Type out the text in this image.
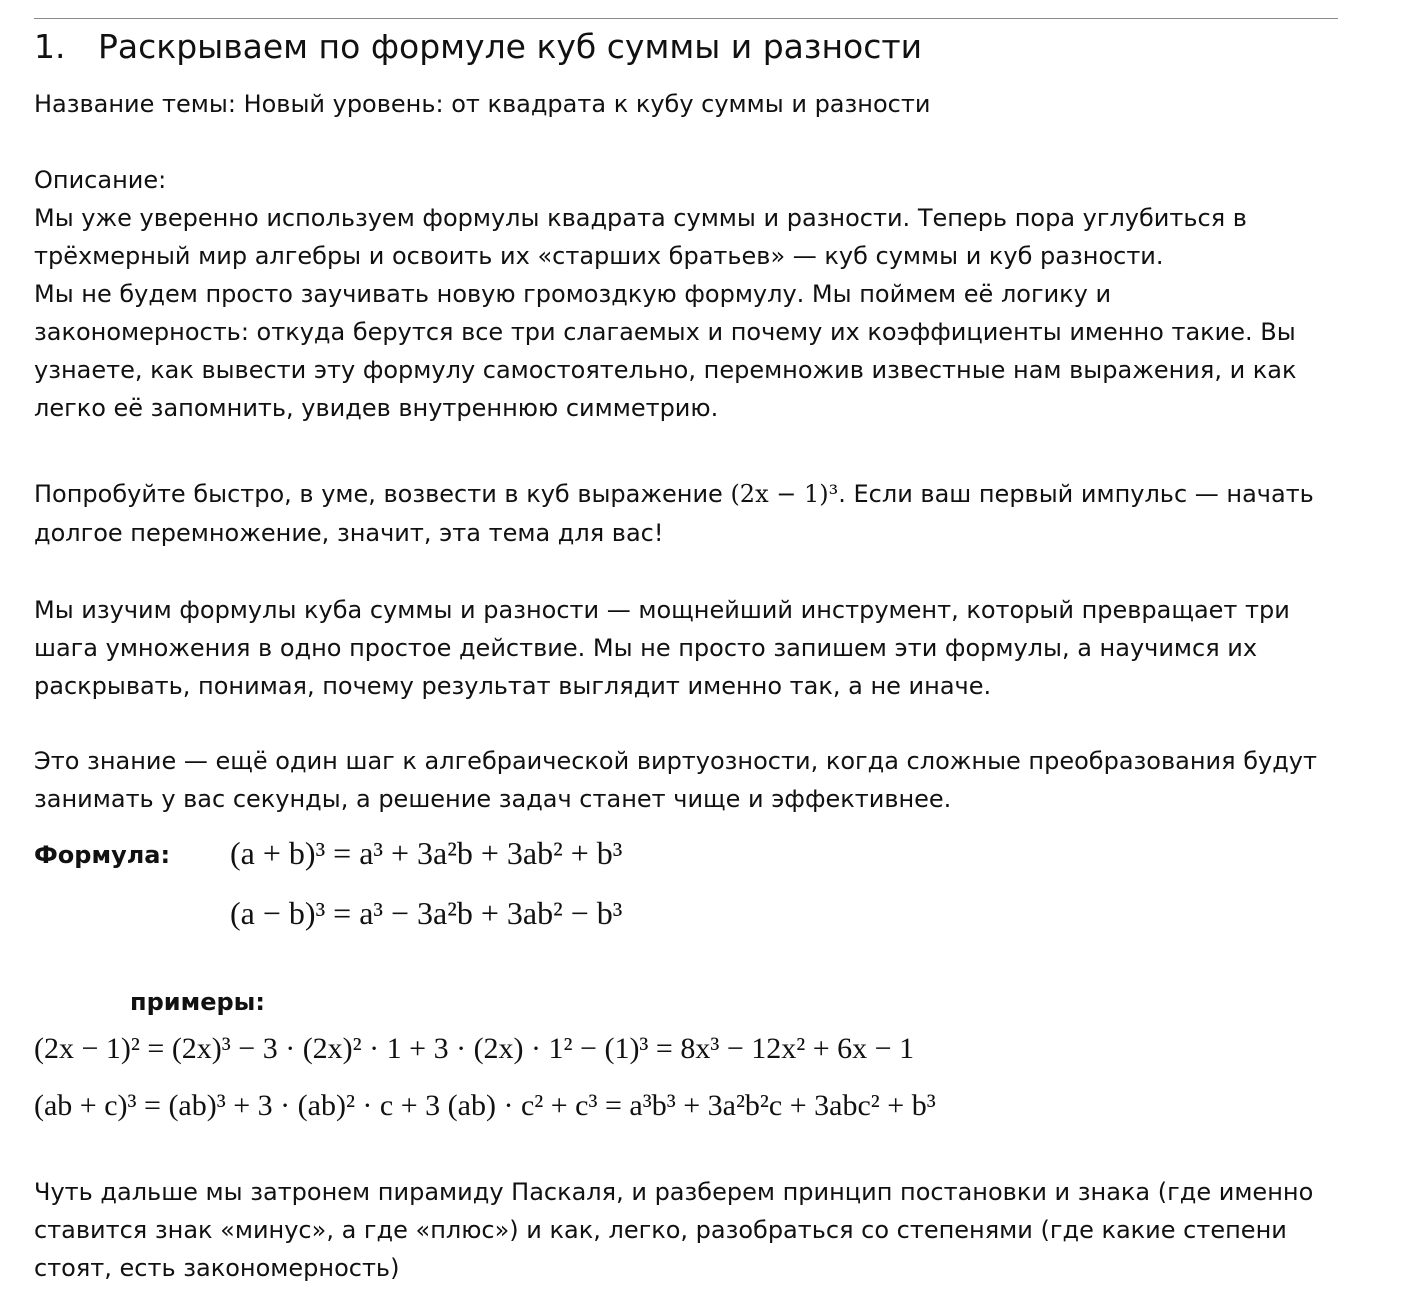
1. Раскрываем по формуле куб суммы и разности
Название темы: Новый уровень: от квадрата к кубу суммы и разности
Описание:
Мы уже уверенно используем формулы квадрата суммы и разности. Теперь пора углубиться в
трёхмерный мир алгебры и освоить их «старших братьев» — куб суммы и куб разности.
Мы не будем просто заучивать новую громоздкую формулу. Мы поймем её логику и
закономерность: откуда берутся все три слагаемых и почему их коэффициенты именно такие. Вы
узнаете, как вывести эту формулу самостоятельно, перемножив известные нам выражения, и как
легко её запомнить, увидев внутреннюю симметрию.
Попробуйте быстро, в уме, возвести в куб выражение (2x − 1)³. Если ваш первый импульс — начать
долгое перемножение, значит, эта тема для вас!
Мы изучим формулы куба суммы и разности — мощнейший инструмент, который превращает три
шага умножения в одно простое действие. Мы не просто запишем эти формулы, а научимся их
раскрывать, понимая, почему результат выглядит именно так, а не иначе.
Это знание — ещё один шаг к алгебраической виртуозности, когда сложные преобразования будут
занимать у вас секунды, а решение задач станет чище и эффективнее.
Формула: (a + b)³ = a³ + 3a²b + 3ab² + b³
(a − b)³ = a³ − 3a²b + 3ab² − b³
примеры:
(2x − 1)² = (2x)³ − 3 · (2x)² · 1 + 3 · (2x) · 1² − (1)³ = 8x³ − 12x² + 6x − 1
(ab + c)³ = (ab)³ + 3 · (ab)² · c + 3 (ab) · c² + c³ = a³b³ + 3a²b²c + 3abc² + b³
Чуть дальше мы затронем пирамиду Паскаля, и разберем принцип постановки и знака (где именно
ставится знак «минус», а где «плюс») и как, легко, разобраться со степенями (где какие степени
стоят, есть закономерность)
